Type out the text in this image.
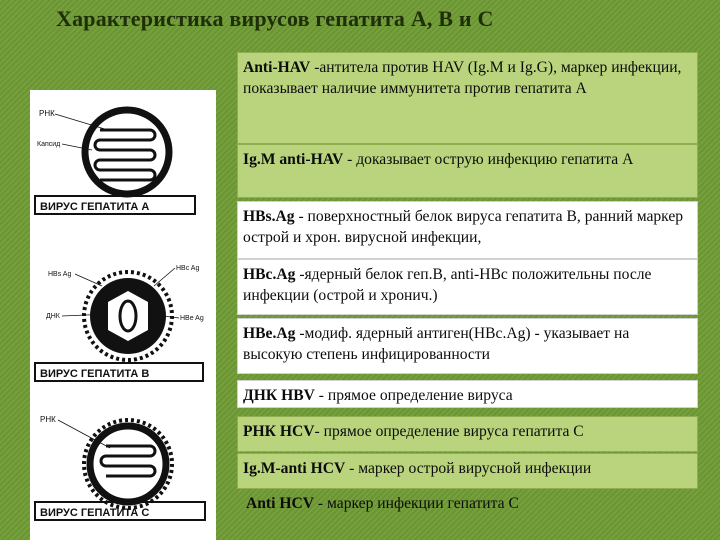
Характеристика вирусов гепатита А, В и С
РНК
Капсид
ВИРУС ГЕПАТИТА А
HBs Ag
HBc Ag
HBe Ag
ДНК
ВИРУС ГЕПАТИТА В
РНК
ВИРУС ГЕПАТИТА С
Anti-HAV -антитела против HAV (Ig.M и Ig.G), маркер инфекции, показывает наличие иммунитета против гепатита А
Ig.M anti-HAV - доказывает острую инфекцию гепатита А
HBs.Ag - поверхностный белок вируса гепатита В, ранний маркер острой и хрон. вирусной инфекции,
HBc.Ag -ядерный белок геп.В, anti-HBc положительны после инфекции (острой и хронич.)
HBe.Ag -модиф. ядерный антиген(HBc.Ag) - указывает на высокую степень инфицированности
ДНК HBV - прямое определение вируса
РНК HCV- прямое определение вируса гепатита С
Ig.M-anti HCV - маркер острой вирусной инфекции
Anti HCV - маркер инфекции гепатита С
